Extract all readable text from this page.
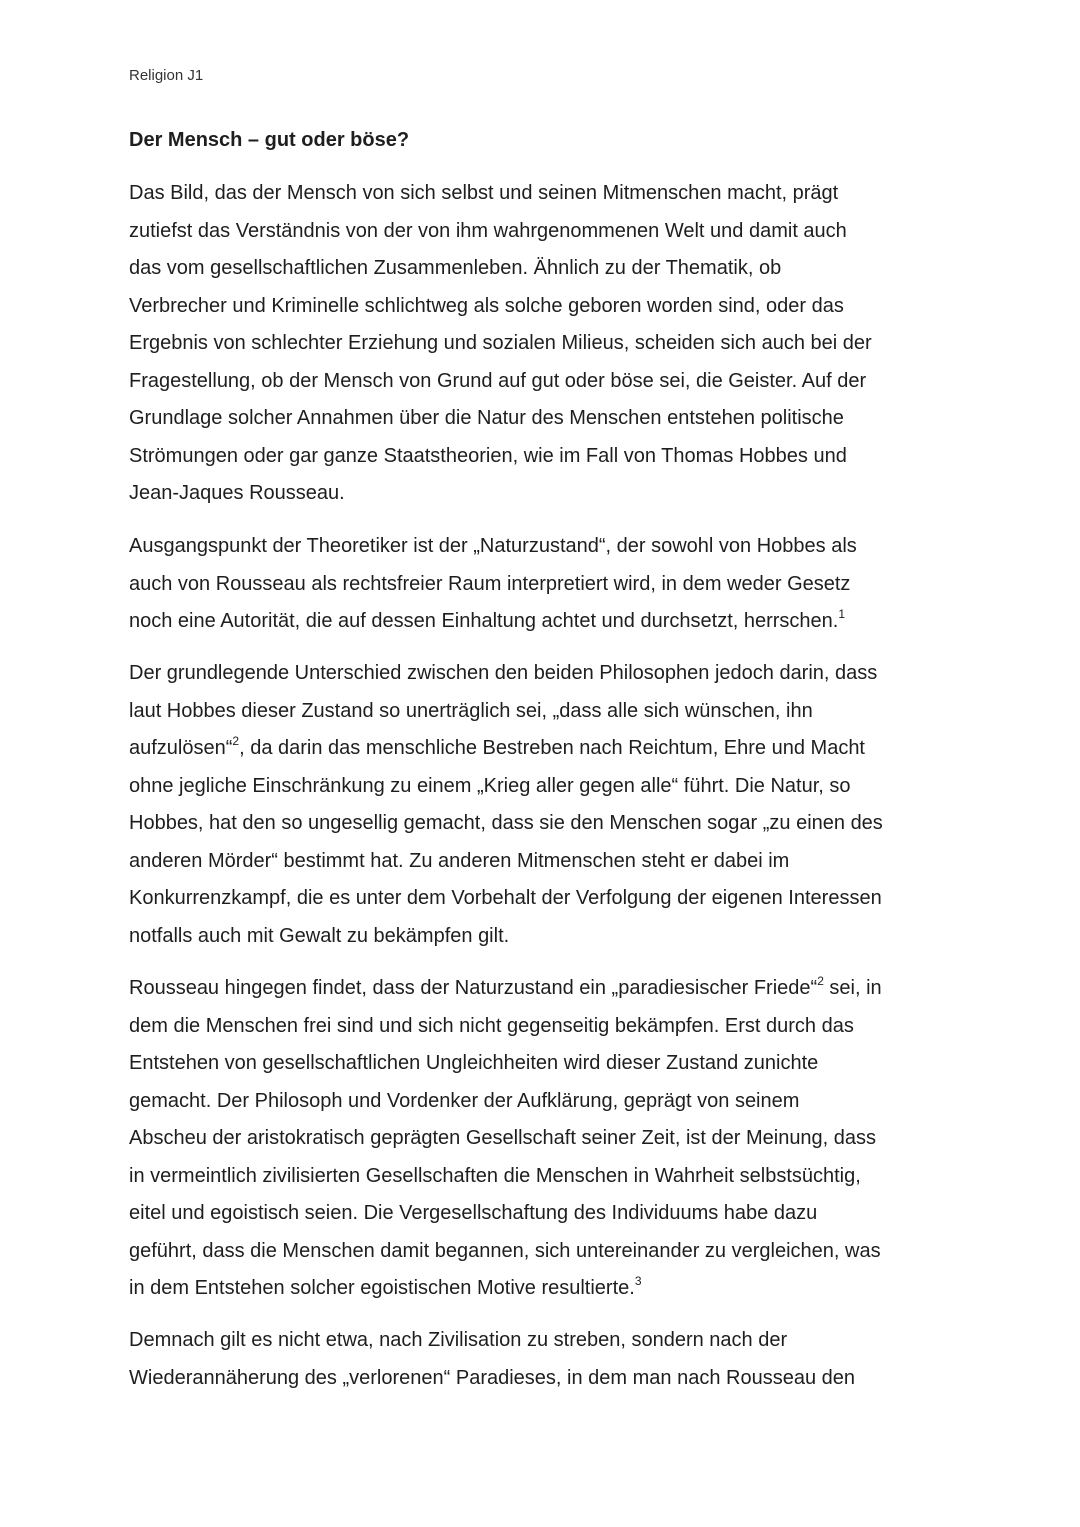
Religion J1
Der Mensch – gut oder böse?
Das Bild, das der Mensch von sich selbst und seinen Mitmenschen macht, prägt
zutiefst das Verständnis von der von ihm wahrgenommenen Welt und damit auch
das vom gesellschaftlichen Zusammenleben. Ähnlich zu der Thematik, ob
Verbrecher und Kriminelle schlichtweg als solche geboren worden sind, oder das
Ergebnis von schlechter Erziehung und sozialen Milieus, scheiden sich auch bei der
Fragestellung, ob der Mensch von Grund auf gut oder böse sei, die Geister. Auf der
Grundlage solcher Annahmen über die Natur des Menschen entstehen politische
Strömungen oder gar ganze Staatstheorien, wie im Fall von Thomas Hobbes und
Jean-Jaques Rousseau.
Ausgangspunkt der Theoretiker ist der „Naturzustand“, der sowohl von Hobbes als
auch von Rousseau als rechtsfreier Raum interpretiert wird, in dem weder Gesetz
noch eine Autorität, die auf dessen Einhaltung achtet und durchsetzt, herrschen.$^1$
Der grundlegende Unterschied zwischen den beiden Philosophen jedoch darin, dass
laut Hobbes dieser Zustand so unerträglich sei, „dass alle sich wünschen, ihn
aufzulösen“$^2$, da darin das menschliche Bestreben nach Reichtum, Ehre und Macht
ohne jegliche Einschränkung zu einem „Krieg aller gegen alle“ führt. Die Natur, so
Hobbes, hat den so ungesellig gemacht, dass sie den Menschen sogar „zu einen des
anderen Mörder“ bestimmt hat. Zu anderen Mitmenschen steht er dabei im
Konkurrenzkampf, die es unter dem Vorbehalt der Verfolgung der eigenen Interessen
notfalls auch mit Gewalt zu bekämpfen gilt.
Rousseau hingegen findet, dass der Naturzustand ein „paradiesischer Friede“$^2$ sei, in
dem die Menschen frei sind und sich nicht gegenseitig bekämpfen. Erst durch das
Entstehen von gesellschaftlichen Ungleichheiten wird dieser Zustand zunichte
gemacht. Der Philosoph und Vordenker der Aufklärung, geprägt von seinem
Abscheu der aristokratisch geprägten Gesellschaft seiner Zeit, ist der Meinung, dass
in vermeintlich zivilisierten Gesellschaften die Menschen in Wahrheit selbstsüchtig,
eitel und egoistisch seien. Die Vergesellschaftung des Individuums habe dazu
geführt, dass die Menschen damit begannen, sich untereinander zu vergleichen, was
in dem Entstehen solcher egoistischen Motive resultierte.$^3$
Demnach gilt es nicht etwa, nach Zivilisation zu streben, sondern nach der
Wiederannäherung des „verlorenen“ Paradieses, in dem man nach Rousseau den
